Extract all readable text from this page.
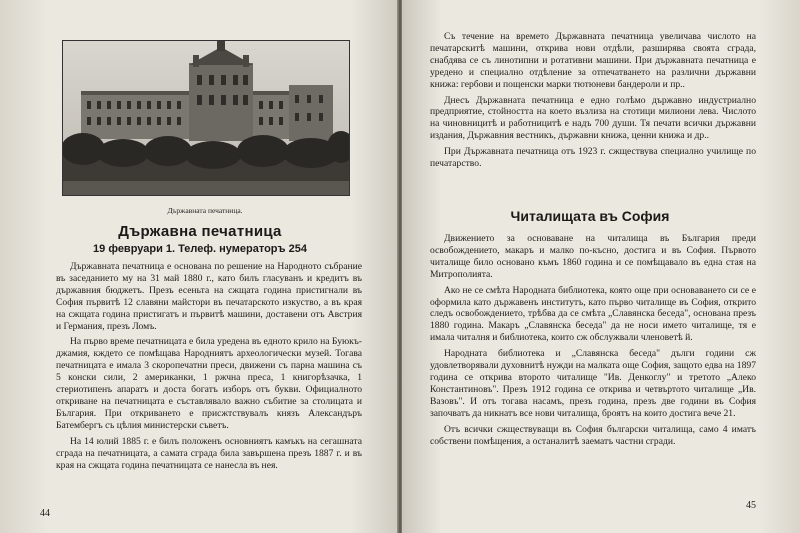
Държавната печатница.
Държавна печатница
19 февруари 1. Телеф. нумераторъ 254

Държавната печатница е основана по решение на Народното събрание въ заседанието му на 31 май 1880 г., като билъ гласуванъ и кредитъ въ държавния бюджетъ. Презъ есеньта на сжщата година пристигнали въ София първитѣ 12 славяни майстори въ печатарското изкуство, а въ края на сжщата година пристигатъ и първитѣ машини, доставени отъ Австрия и Германия, презъ Ломъ.

На първо време печатницата е била уредена въ едното крило на Буюкъ-джамия, кждето се помѣщава Народниятъ археологически музей. Тогава печатницата е имала 3 скоропечатни преси, движени съ парна машина съ 5 конски сили, 2 американки, 1 ржчна преса, 1 книгорѣзачка, 1 стериотипенъ апаратъ и доста богатъ изборъ отъ букви. Официалното откриване на печатницата е съставлявало важно събитие за столицата и България. При откриването е присжтствувалъ князъ Александъръ Батембергъ съ цѣлия министерски съветъ.

На 14 юлий 1885 г. е билъ положенъ основниятъ камъкъ на сегашната сграда на печатницата, а самата сграда била завършена презъ 1887 г. и въ края на сжщата година печатницата се нанесла въ нея.

44

Съ течение на времето Държавната печатница увеличава числото на печатарскитѣ машини, открива нови отдѣли, разширява своята сграда, снабдява се съ линотипни и ротативни машини. При държавната печатница е уредено и специално отдѣление за отпечатването на различни държавни книжа: гербови и пощенски марки тютюневи бандероли и пр..

Днесъ Държавната печатница е едно голѣмо държавно индустриално предприятие, стойността на което възлиза на стотици милиони лева. Числото на чиновницитѣ и работницитѣ е надъ 700 души. Тя печати всички държавни издания, Държавния вестникъ, държавни книжа, ценни книжа и др..

При Държавната печатница отъ 1923 г. сжществува специално училище по печатарство.

Читалищата въ София

Движението за основаване на читалища въ България преди освобождението, макаръ и малко по-късно, достига и въ София. Първото читалище било основано къмъ 1860 година и се помѣщавало въ една стая на Митрополията.

Ако не се смѣта Народната библиотека, която още при основаването си се е оформила като държавенъ институтъ, като първо читалище въ София, открито следъ освобождението, трѣбва да се смѣта „Славянска беседа", основана презъ 1880 година. Макаръ „Славянска беседа" да не носи името читалище, тя е имала читалня и библиотека, които сж обслужвали членоветѣ й.

Народната библиотека и „Славянска беседа" дълги години сж удовлетворявали духовнитѣ нужди на малката още София, защото едва на 1897 година се открива второто читалище "Ив. Денкоглу" и третото „Алеко Константиновъ". Презъ 1912 година се открива и четвъртото читалище „Ив. Вазовъ". И отъ тогава насамъ, презъ година, презъ две години въ София започватъ да никнатъ все нови читалища, броятъ на които достига вече 21.

Отъ всички сжществуващи въ София български читалища, само 4 иматъ собствени помѣщения, а останалитѣ заематъ частни сгради.

45
